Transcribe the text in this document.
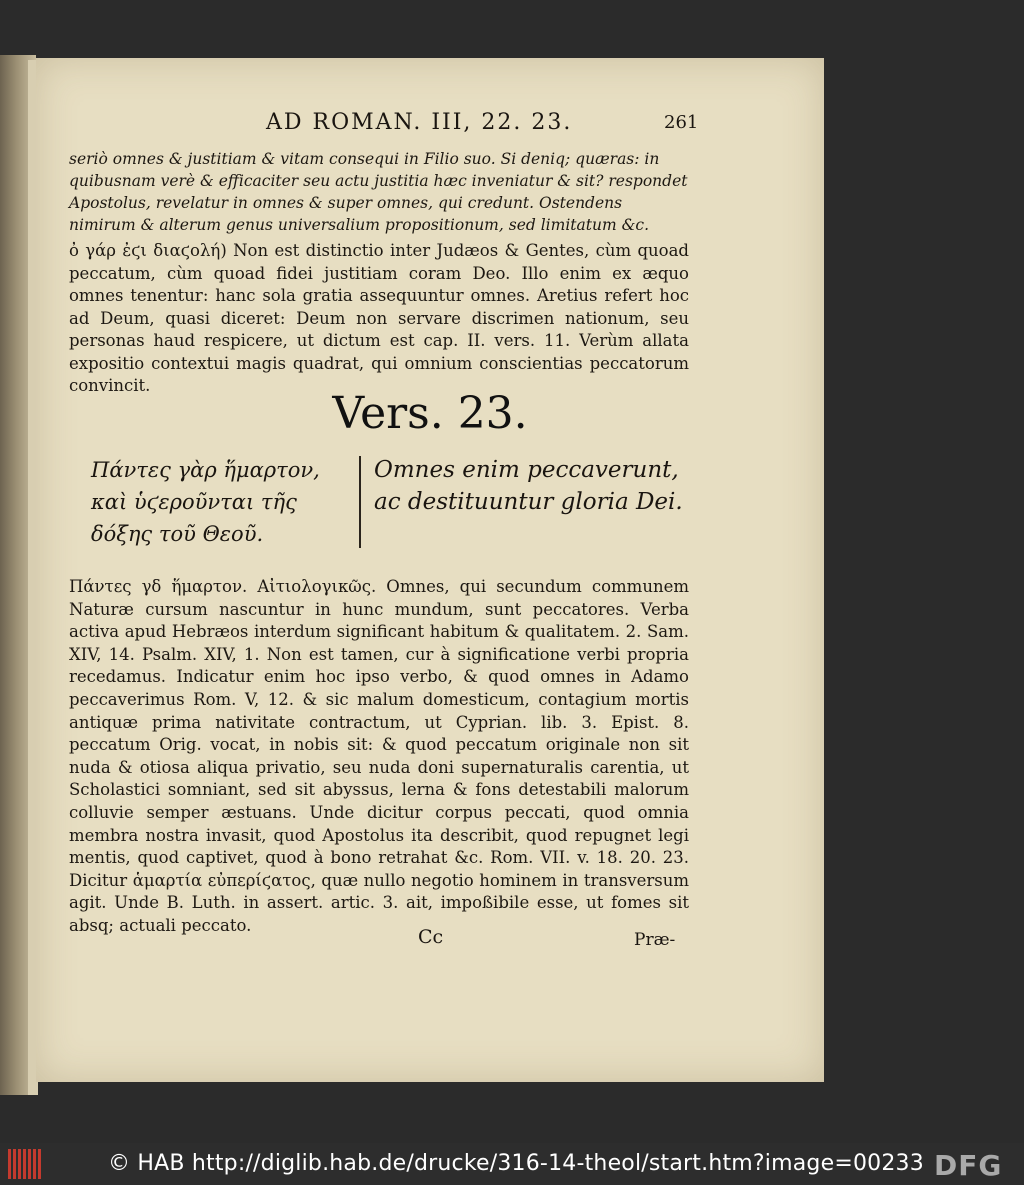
AD ROMAN. III, 22. 23.	261
seriò omnes & justitiam & vitam consequi in Filio suo. Si deniq; quæras: in quibusnam verè & efficaciter seu actu justitia hæc inveniatur & sit? respondet Apostolus, revelatur in omnes & super omnes, qui credunt. Ostendens nimirum & alterum genus universalium propositionum, sed limitatum &c.
ὀ γάρ ἐϛι διαϛολή) Non est distinctio inter Judæos & Gentes, cùm quoad peccatum, cùm quoad fidei justitiam coram Deo. Illo enim ex æquo omnes tenentur: hanc sola gratia assequuntur omnes. Aretius refert hoc ad Deum, quasi diceret: Deum non servare discrimen nationum, seu personas haud respicere, ut dictum est cap. II. vers. 11. Verùm allata expositio contextui magis quadrat, qui omnium conscientias peccatorum convincit.
Vers. 23.
Πάντες γὰρ ἥμαρτον, καὶ ὑϛεροῦνται τῆς δόξης τοῦ Θεοῦ.
Omnes enim peccaverunt, ac destituuntur gloria Dei.
Πάντες γδ ἥμαρτον. Αἰτιολογικῶς. Omnes, qui secundum communem Naturæ cursum nascuntur in hunc mundum, sunt peccatores. Verba activa apud Hebræos interdum significant habitum & qualitatem. 2. Sam. XIV, 14. Psalm. XIV, 1. Non est tamen, cur à significatione verbi propria recedamus. Indicatur enim hoc ipso verbo, & quod omnes in Adamo peccaverimus Rom. V, 12. & sic malum domesticum, contagium mortis antiquæ prima nativitate contractum, ut Cyprian. lib. 3. Epist. 8. peccatum Orig. vocat, in nobis sit: & quod peccatum originale non sit nuda & otiosa aliqua privatio, seu nuda doni supernaturalis carentia, ut Scholastici somniant, sed sit abyssus, lerna & fons detestabili malorum colluvie semper æstuans. Unde dicitur corpus peccati, quod omnia membra nostra invasit, quod Apostolus ita describit, quod repugnet legi mentis, quod captivet, quod à bono retrahat &c. Rom. VII. v. 18. 20. 23. Dicitur ἁμαρτία εὐπερίϛατος, quæ nullo negotio hominem in transversum agit. Unde B. Luth. in assert. artic. 3. ait, impoßibile esse, ut fomes sit absq; actuali peccato.
Cc	Præ-
© HAB http://diglib.hab.de/drucke/316-14-theol/start.htm?image=00233 DFG
